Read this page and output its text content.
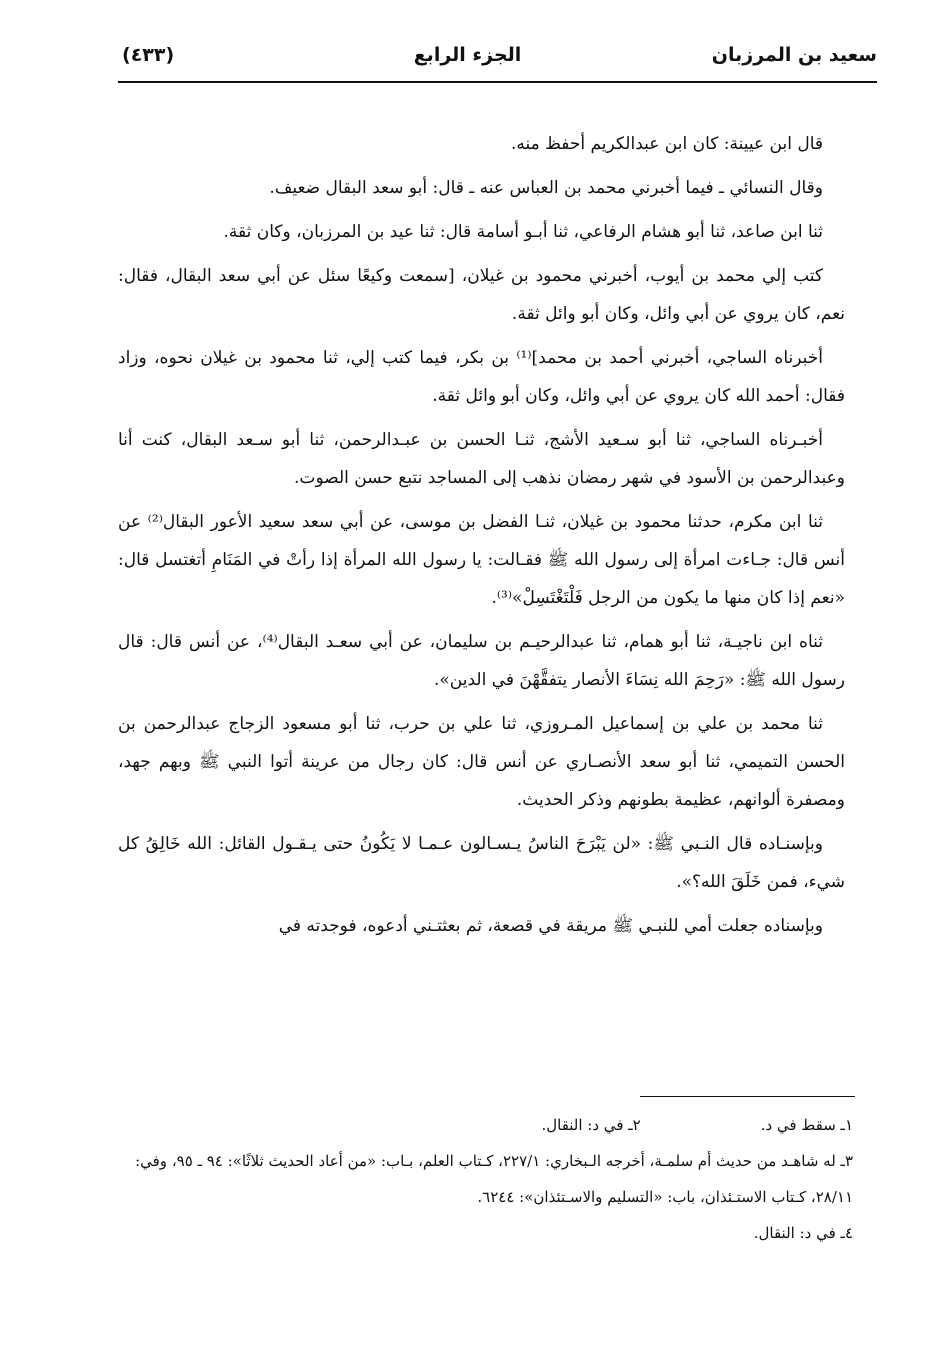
سعيد بن المرزبان
الجزء الرابع
(٤٣٣)

قال ابن عيينة: كان ابن عبدالكريم أحفظ منه.

وقال النسائي ـ فيما أخبرني محمد بن العباس عنه ـ قال: أبو سعد البقال ضعيف.

ثنا ابن صاعد، ثنا أبو هشام الرفاعي، ثنا أبـو أسامة قال: ثنا عيد بن المرزبان، وكان ثقة.

كتب إلي محمد بن أيوب، أخبرني محمود بن غيلان، [سمعت وكيعًا سئل عن أبي سعد البقال، فقال: نعم، كان يروي عن أبي وائل، وكان أبو وائل ثقة.

أخبرناه الساجي، أخبرني أحمد بن محمد]⁽¹⁾ بن بكر، فيما كتب إلي، ثنا محمود بن غيلان نحوه، وزاد فقال: أحمد الله كان يروي عن أبي وائل، وكان أبو وائل ثقة.

أخبـرناه الساجي، ثنا أبو سـعيد الأشج، ثنـا الحسن بن عبـدالرحمن، ثنا أبو سـعد البقال، كنت أنا وعبدالرحمن بن الأسود في شهر رمضان نذهب إلى المساجد نتبع حسن الصوت.

ثنا ابن مكرم، حدثنا محمود بن غيلان، ثنـا الفضل بن موسى، عن أبي سعد سعيد الأعور البقال⁽²⁾ عن أنس قال: جـاءت امرأة إلى رسول الله ﷺ فقـالت: يا رسول الله المرأة إذا رأتْ في المَنَامِ أتغتسل قال: «نعم إذا كان منها ما يكون من الرجل فَلْتَغْتَسِلْ»⁽³⁾.

ثناه ابن ناجيـة، ثنا أبو همام، ثنا عبدالرحيـم بن سليمان، عن أبي سعـد البقال⁽⁴⁾، عن أنس قال: قال رسول الله ﷺ: «رَحِمَ الله نِسَاءَ الأنصار يتفقَّهْنَ في الدين».

ثنا محمد بن علي بن إسماعيل المـروزي، ثنا علي بن حرب، ثنا أبو مسعود الزجاج عبدالرحمن بن الحسن التميمي، ثنا أبو سعد الأنصـاري عن أنس قال: كان رجال من عرينة أتوا النبي ﷺ وبهم جهد، ومصفرة ألوانهم، عظيمة بطونهم وذكر الحديث.

وبإسنـاده قال النـبي ﷺ: «لن يَبْرَحَ الناسُ يـسـالون عـمـا لا يَكُونُ حتى يـقـول القائل: الله خَالِقُ كل شيء، فمن خَلَقَ الله؟».

وبإسناده جعلت أمي للنبـي ﷺ مريقة في قصعة، ثم بعثتـني أدعوه، فوجدته في

١ـ سقط في د.
٢ـ في د: النقال.

٣ـ له شاهـد من حديث أم سلمـة، أخرجه الـبخاري: ٢٢٧/١، كـتاب العلم، بـاب: «من أعاد الحديث ثلاثًا»: ٩٤ ـ ٩٥، وفي: ٢٨/١١، كـتاب الاستـئذان، باب: «التسليم والاسـتئذان»: ٦٢٤٤.

٤ـ في د: النقال.
